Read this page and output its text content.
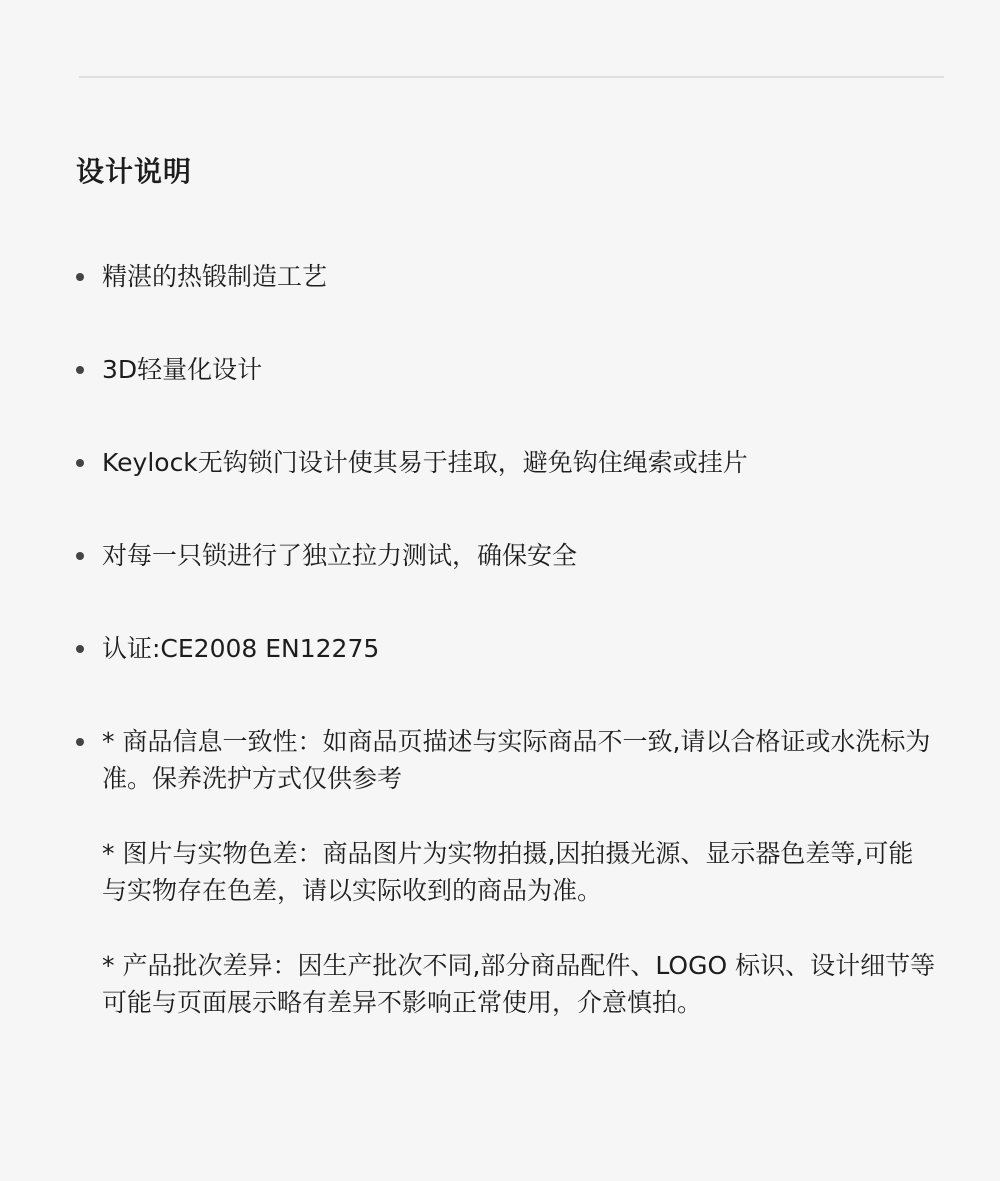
设计说明
精湛的热锻制造工艺
3D轻量化设计
Keylock无钩锁门设计使其易于挂取，避免钩住绳索或挂片
对每一只锁进行了独立拉力测试，确保安全
认证:CE2008 EN12275
* 商品信息一致性：如商品页描述与实际商品不一致,请以合格证或水洗标为准。保养洗护方式仅供参考
* 图片与实物色差：商品图片为实物拍摄,因拍摄光源、显示器色差等,可能与实物存在色差，请以实际收到的商品为准。
* 产品批次差异：因生产批次不同,部分商品配件、LOGO 标识、设计细节等可能与页面展示略有差异不影响正常使用，介意慎拍。
